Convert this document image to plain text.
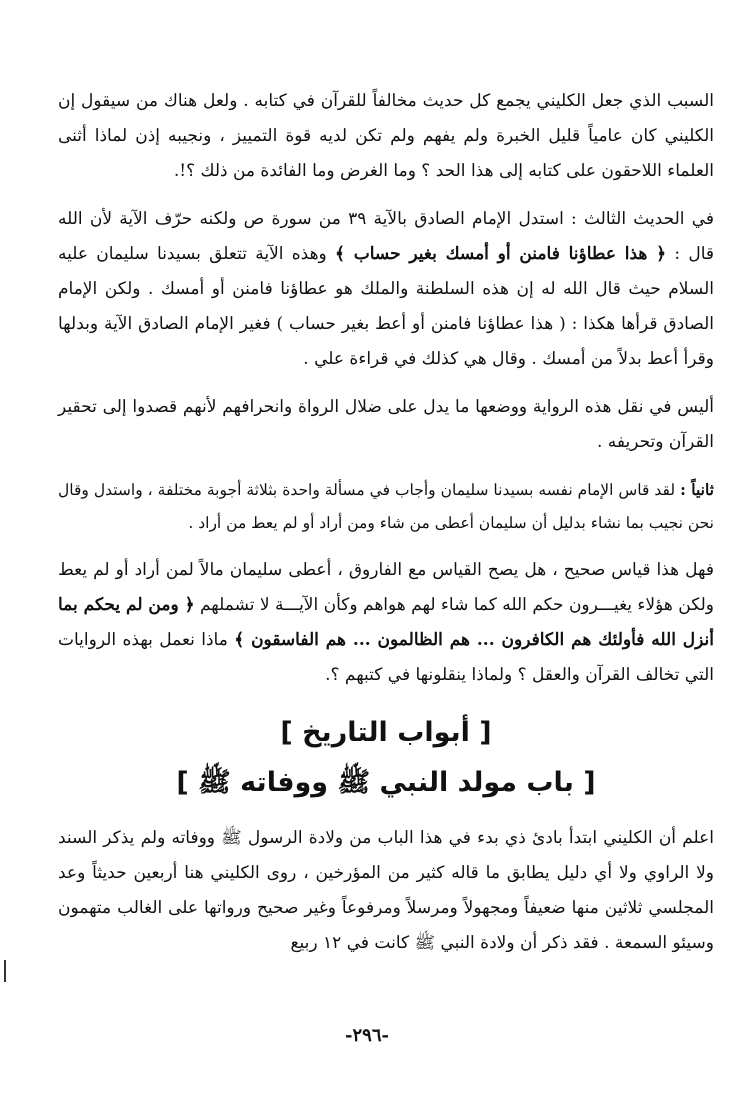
السبب الذي جعل الكليني يجمع كل حديث مخالفاً للقرآن في كتابه . ولعل هناك من سيقول إن الكليني كان عامياً قليل الخبرة ولم يفهم ولم تكن لديه قوة التمييز ، ونجيبه إذن لماذا أثنى العلماء اللاحقون على كتابه إلى هذا الحد ؟ وما الغرض وما الفائدة من ذلك ؟!.

في الحديث الثالث : استدل الإمام الصادق بالآية ٣٩ من سورة ص ولكنه حرّف الآية لأن الله قال : ﴿ هذا عطاؤنا فامنن أو أمسك بغير حساب ﴾ وهذه الآية تتعلق بسيدنا سليمان عليه السلام حيث قال الله له إن هذه السلطنة والملك هو عطاؤنا فامنن أو أمسك . ولكن الإمام الصادق قرأها هكذا : ( هذا عطاؤنا فامنن أو أعط بغير حساب ) فغير الإمام الصادق الآية وبدلها وقرأ أعط بدلاً من أمسك . وقال هي كذلك في قراءة علي .

أليس في نقل هذه الرواية ووضعها ما يدل على ضلال الرواة وانحرافهم لأنهم قصدوا إلى تحقير القرآن وتحريفه .

ثانياً : لقد قاس الإمام نفسه بسيدنا سليمان وأجاب في مسألة واحدة بثلاثة أجوبة مختلفة ، واستدل وقال نحن نجيب بما نشاء بدليل أن سليمان أعطى من شاء ومن أراد أو لم يعط من أراد .

فهل هذا قياس صحيح ، هل يصح القياس مع الفاروق ، أعطى سليمان مالاً لمن أراد أو لم يعط ولكن هؤلاء يغيـــرون حكم الله كما شاء لهم هواهم وكأن الآيـــة لا تشملهم ﴿ ومن لم يحكم بما أنزل الله فأولئك هم الكافرون ... هم الظالمون ... هم الفاسقون ﴾ ماذا نعمل بهذه الروايات التي تخالف القرآن والعقل ؟ ولماذا ينقلونها في كتبهم ؟.

[ أبواب التاريخ ]
[ باب مولد النبي ﷺ ووفاته ﷺ ]

اعلم أن الكليني ابتدأ بادئ ذي بدء في هذا الباب من ولادة الرسول ﷺ ووفاته ولم يذكر السند ولا الراوي ولا أي دليل يطابق ما قاله كثير من المؤرخين ، روى الكليني هنا أربعين حديثاً وعد المجلسي ثلاثين منها ضعيفاً ومجهولاً ومرسلاً ومرفوعاً وغير صحيح ورواتها على الغالب متهمون وسيئو السمعة . فقد ذكر أن ولادة النبي ﷺ كانت في ١٢ ربيع

-٢٩٦-
